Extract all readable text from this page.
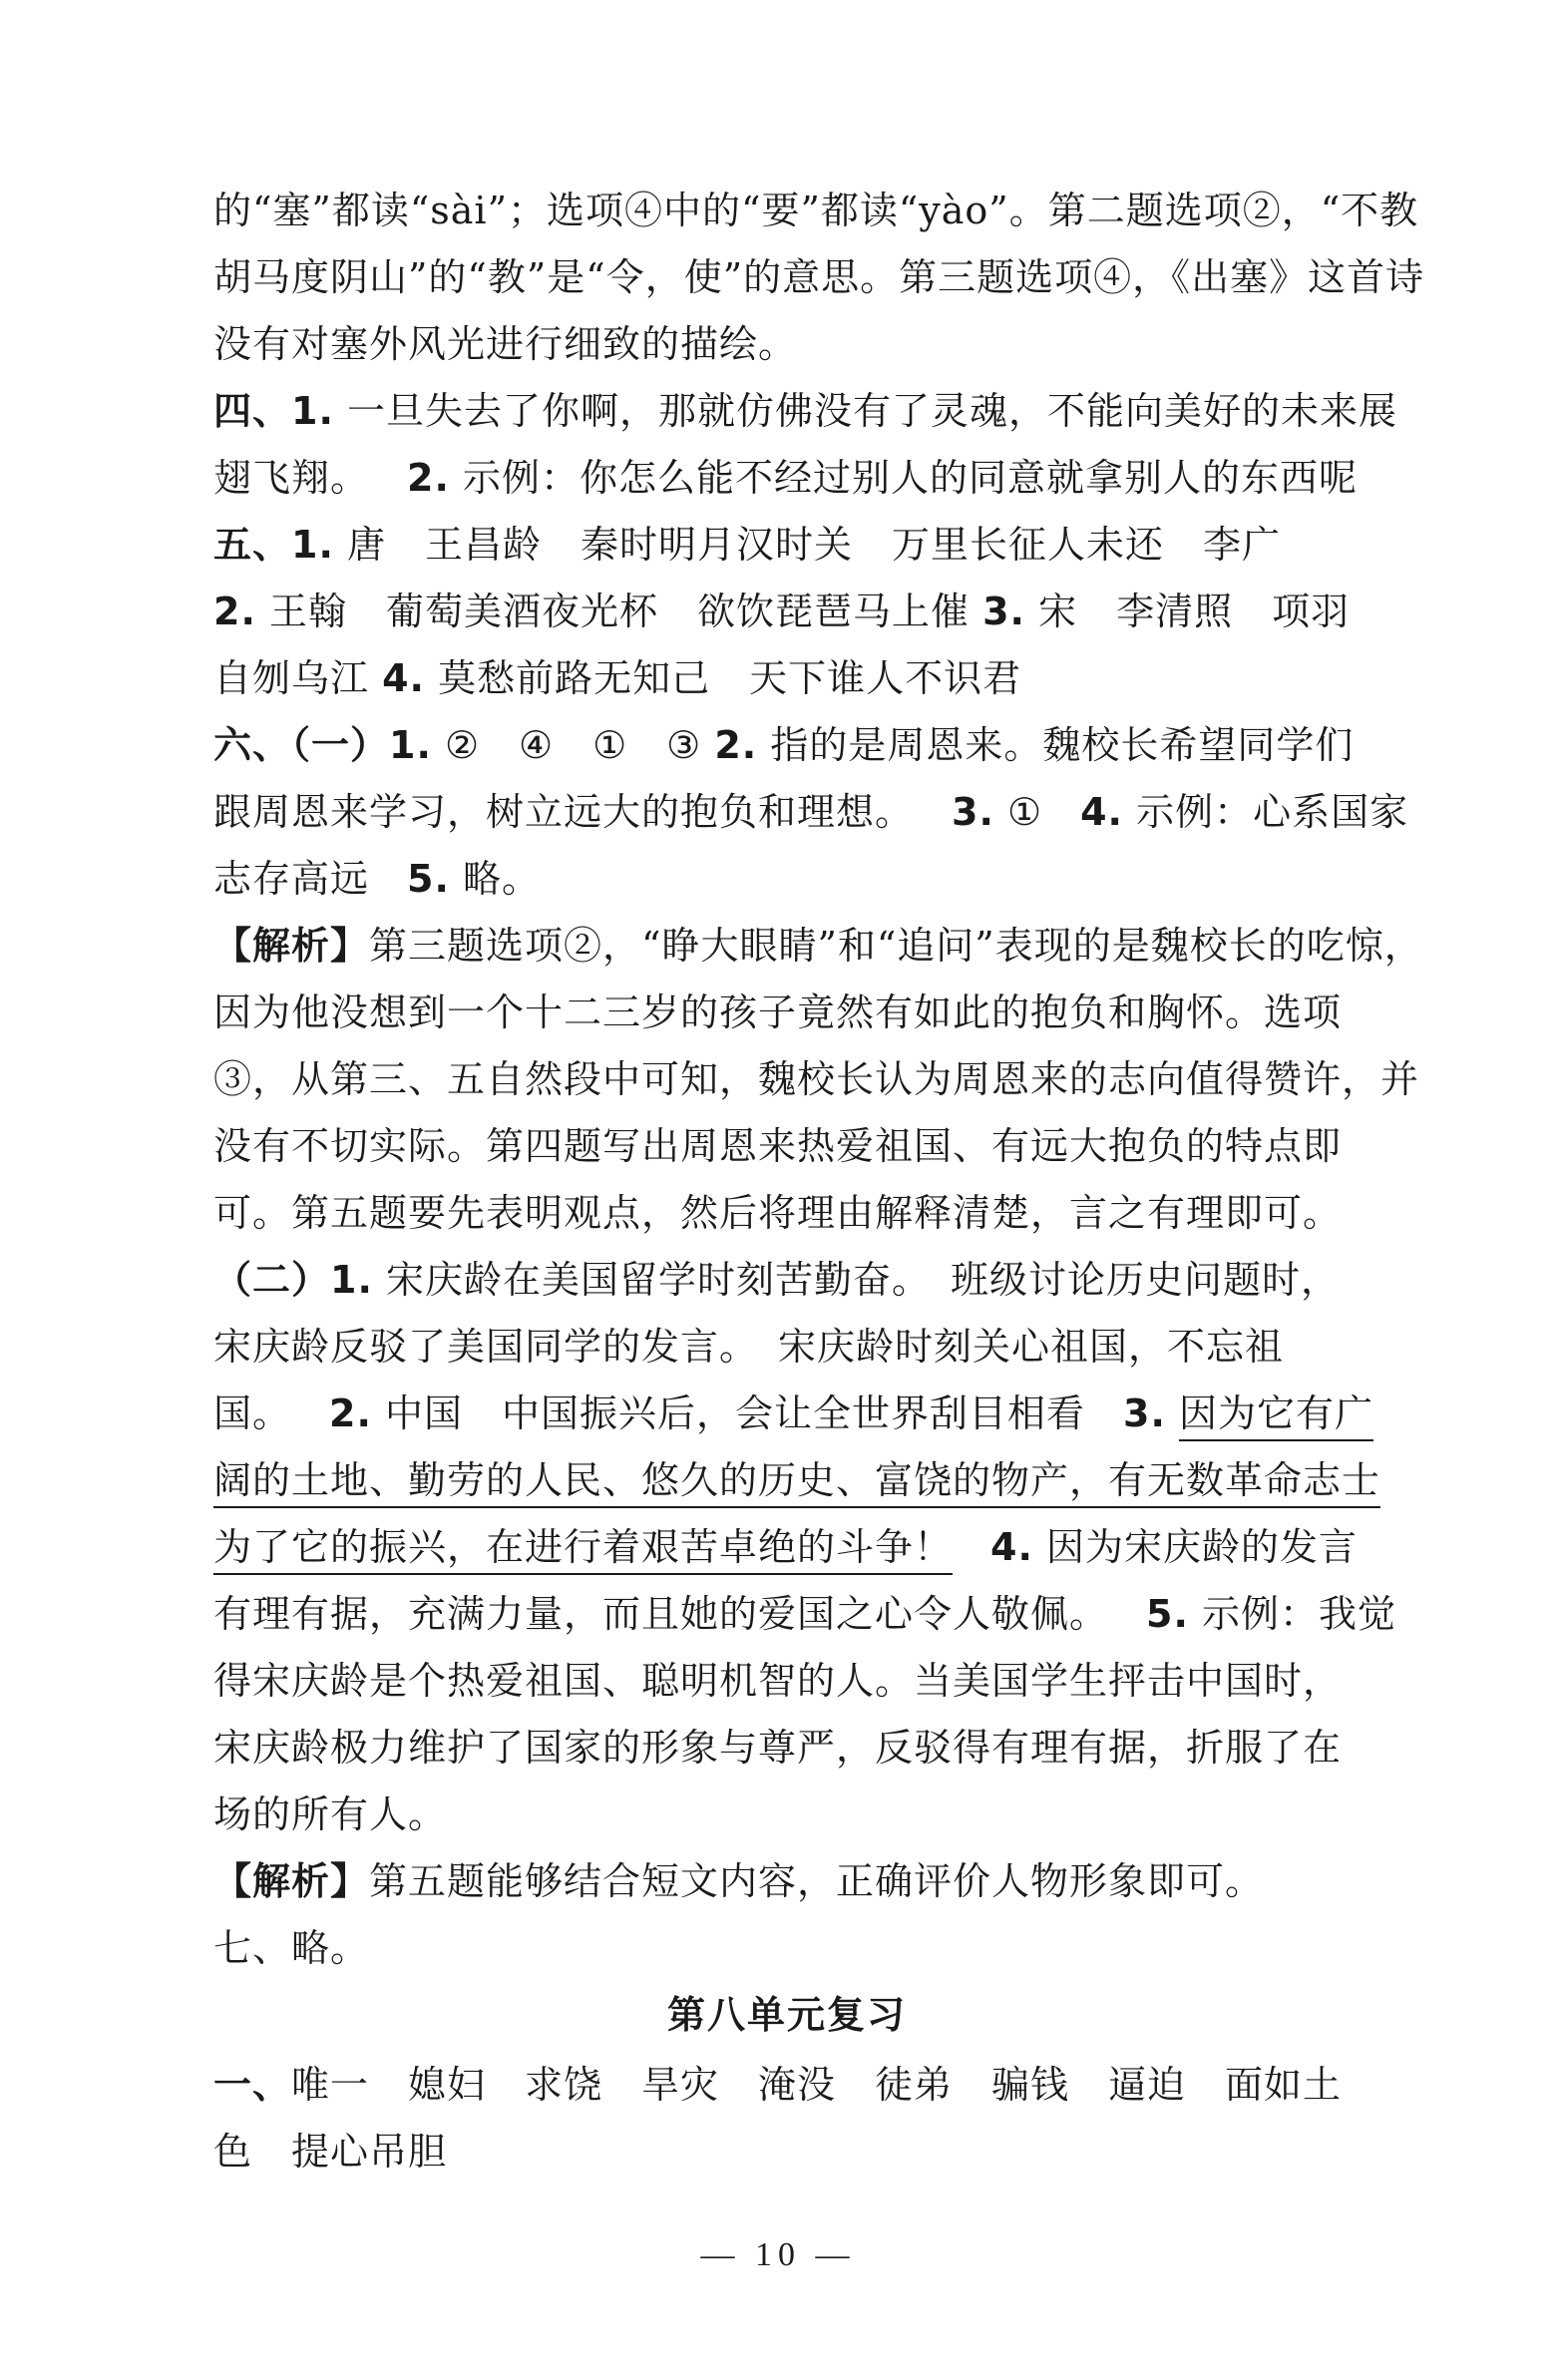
的“塞”都读“sài”；选项④中的“要”都读“yào”。第二题选项②，“不教
胡马度阴山”的“教”是“令，使”的意思。第三题选项④，《出塞》这首诗
没有对塞外风光进行细致的描绘。
四、1. 一旦失去了你啊，那就仿佛没有了灵魂，不能向美好的未来展
翅飞翔。 2. 示例：你怎么能不经过别人的同意就拿别人的东西呢
五、1. 唐　王昌龄　秦时明月汉时关　万里长征人未还　李广
2. 王翰　葡萄美酒夜光杯　欲饮琵琶马上催 3. 宋　李清照　项羽
自刎乌江 4. 莫愁前路无知己　天下谁人不识君
六、（一）1. ②　④　①　③ 2. 指的是周恩来。魏校长希望同学们
跟周恩来学习，树立远大的抱负和理想。 3. ① 4. 示例：心系国家
志存高远 5. 略。
【解析】第三题选项②，“睁大眼睛”和“追问”表现的是魏校长的吃惊，
因为他没想到一个十二三岁的孩子竟然有如此的抱负和胸怀。选项
③，从第三、五自然段中可知，魏校长认为周恩来的志向值得赞许，并
没有不切实际。第四题写出周恩来热爱祖国、有远大抱负的特点即
可。第五题要先表明观点，然后将理由解释清楚，言之有理即可。
（二）1. 宋庆龄在美国留学时刻苦勤奋。　班级讨论历史问题时，
宋庆龄反驳了美国同学的发言。　宋庆龄时刻关心祖国，不忘祖
国。 2. 中国　中国振兴后，会让全世界刮目相看 3. 因为它有广
阔的土地、勤劳的人民、悠久的历史、富饶的物产，有无数革命志士
为了它的振兴，在进行着艰苦卓绝的斗争！ 4. 因为宋庆龄的发言
有理有据，充满力量，而且她的爱国之心令人敬佩。 5. 示例：我觉
得宋庆龄是个热爱祖国、聪明机智的人。当美国学生抨击中国时，
宋庆龄极力维护了国家的形象与尊严，反驳得有理有据，折服了在
场的所有人。
【解析】第五题能够结合短文内容，正确评价人物形象即可。
七、略。
第八单元复习
一、唯一　媳妇　求饶　旱灾　淹没　徒弟　骗钱　逼迫　面如土
色　提心吊胆
— 10 —
